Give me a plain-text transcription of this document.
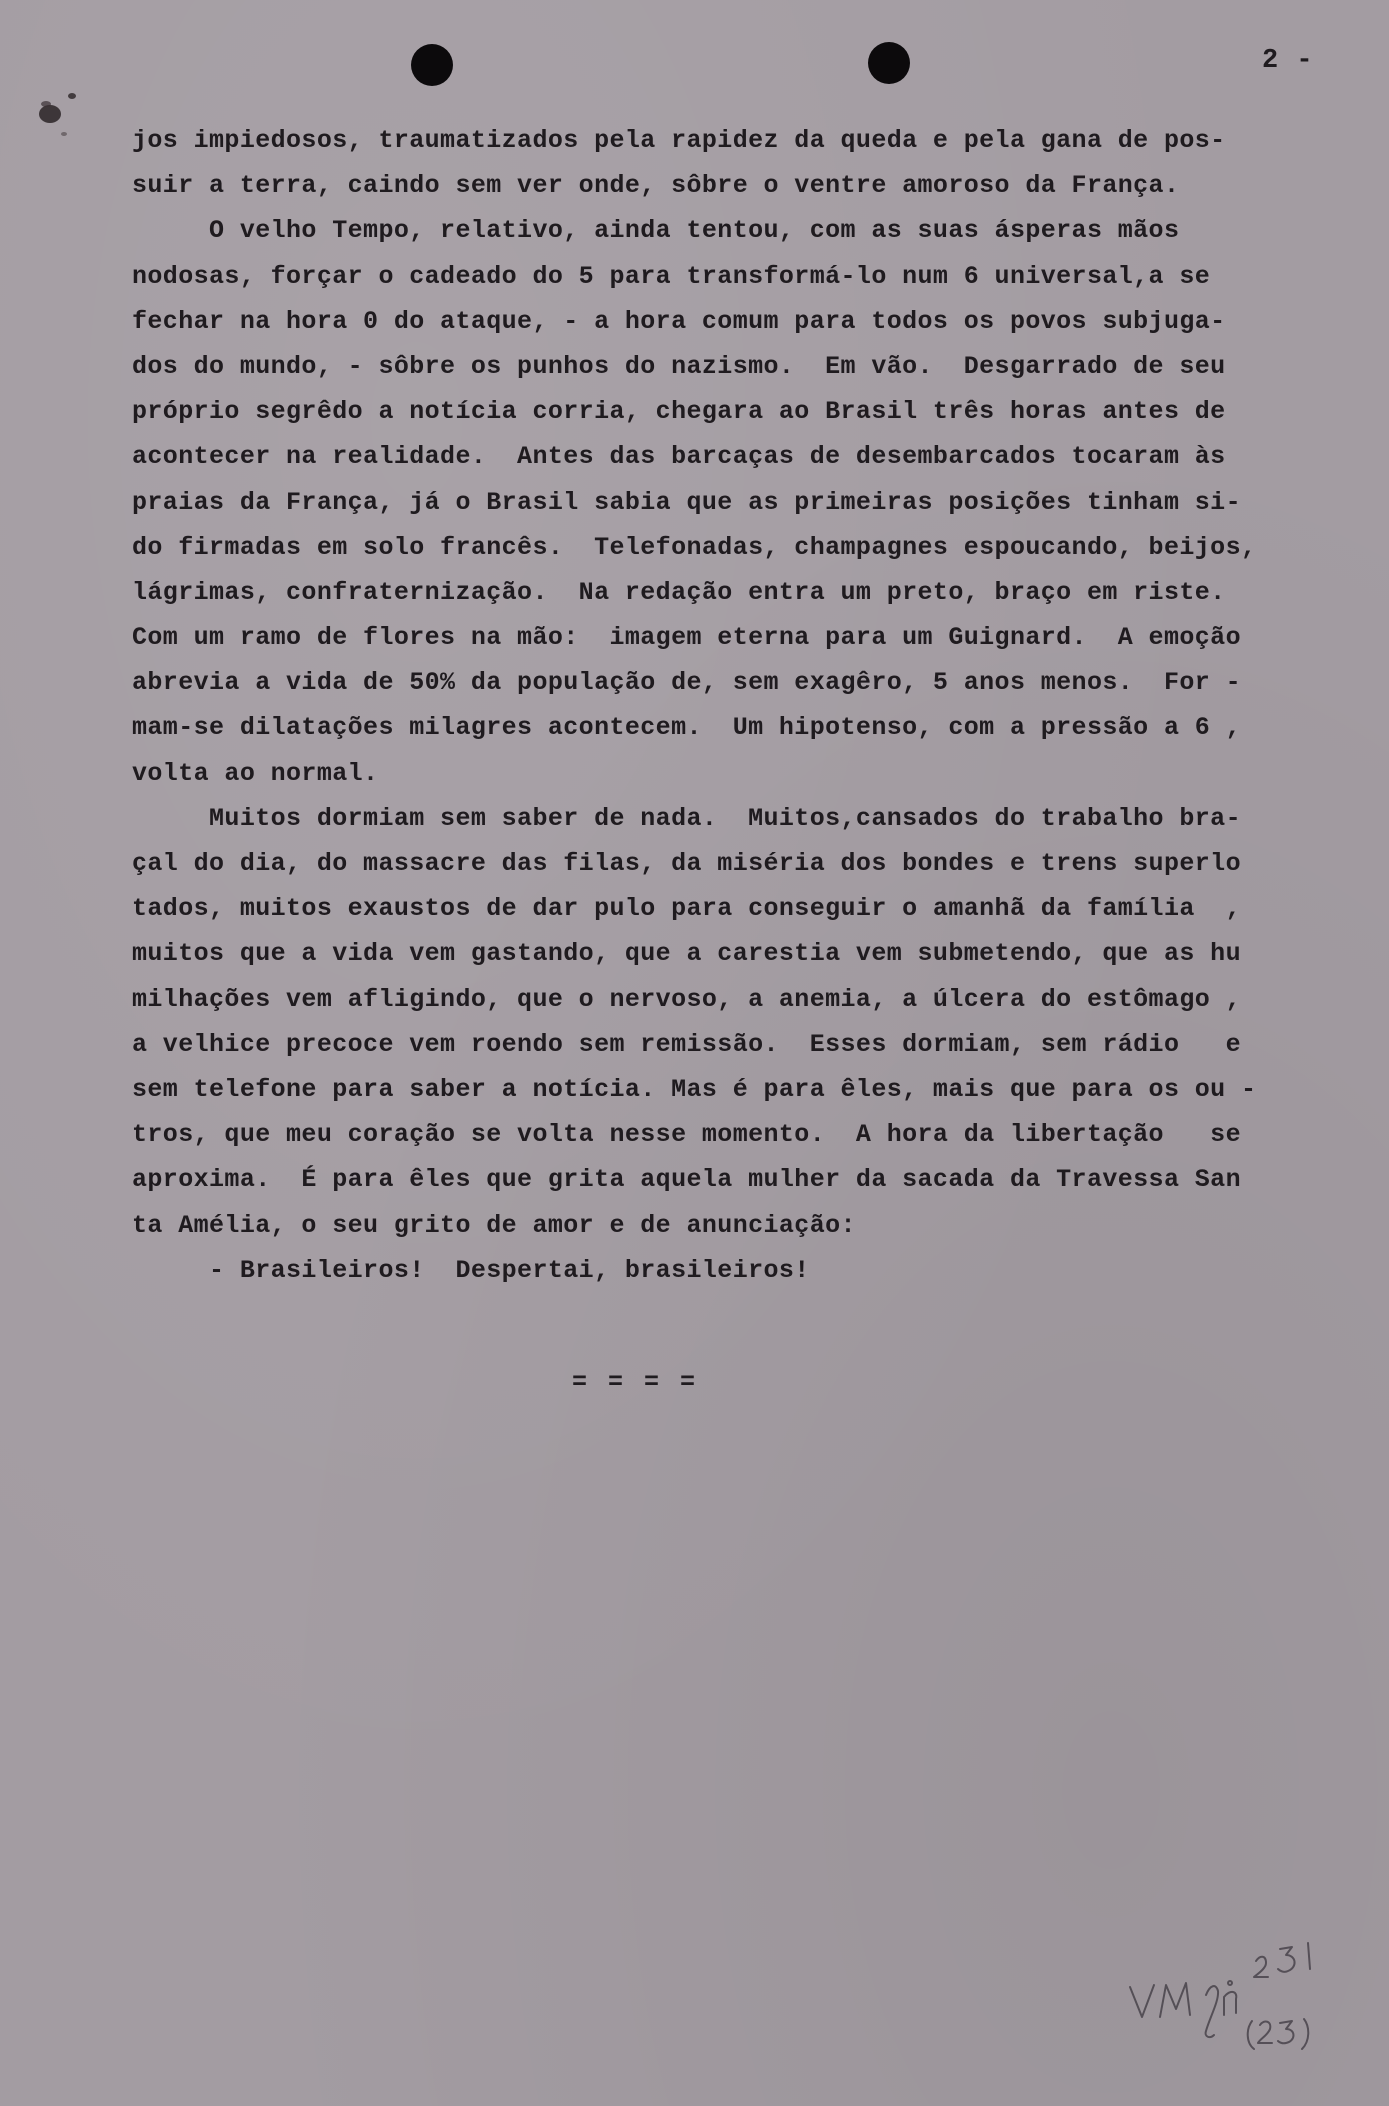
2 -
jos impiedosos, traumatizados pela rapidez da queda e pela gana de pos-
suir a terra, caindo sem ver onde, sôbre o ventre amoroso da França.
O velho Tempo, relativo, ainda tentou, com as suas ásperas mãos
nodosas, forçar o cadeado do 5 para transformá-lo num 6 universal,a se
fechar na hora 0 do ataque, - a hora comum para todos os povos subjuga-
dos do mundo, - sôbre os punhos do nazismo.  Em vão.  Desgarrado de seu
próprio segrêdo a notícia corria, chegara ao Brasil três horas antes de
acontecer na realidade.  Antes das barcaças de desembarcados tocaram às
praias da França, já o Brasil sabia que as primeiras posições tinham si-
do firmadas em solo francês.  Telefonadas, champagnes espoucando, beijos,
lágrimas, confraternização.  Na redação entra um preto, braço em riste.
Com um ramo de flores na mão:  imagem eterna para um Guignard.  A emoção
abrevia a vida de 50% da população de, sem exagêro, 5 anos menos.  For -
mam-se dilatações milagres acontecem.  Um hipotenso, com a pressão a 6 ,
volta ao normal.
Muitos dormiam sem saber de nada.  Muitos,cansados do trabalho bra-
çal do dia, do massacre das filas, da miséria dos bondes e trens superlo
tados, muitos exaustos de dar pulo para conseguir o amanhã da família  ,
muitos que a vida vem gastando, que a carestia vem submetendo, que as hu
milhações vem afligindo, que o nervoso, a anemia, a úlcera do estômago ,
a velhice precoce vem roendo sem remissão.  Esses dormiam, sem rádio   e
sem telefone para saber a notícia. Mas é para êles, mais que para os ou -
tros, que meu coração se volta nesse momento.  A hora da libertação   se
aproxima.  É para êles que grita aquela mulher da sacada da Travessa San
ta Amélia, o seu grito de amor e de anunciação:
- Brasileiros!  Despertai, brasileiros!
= = = =
